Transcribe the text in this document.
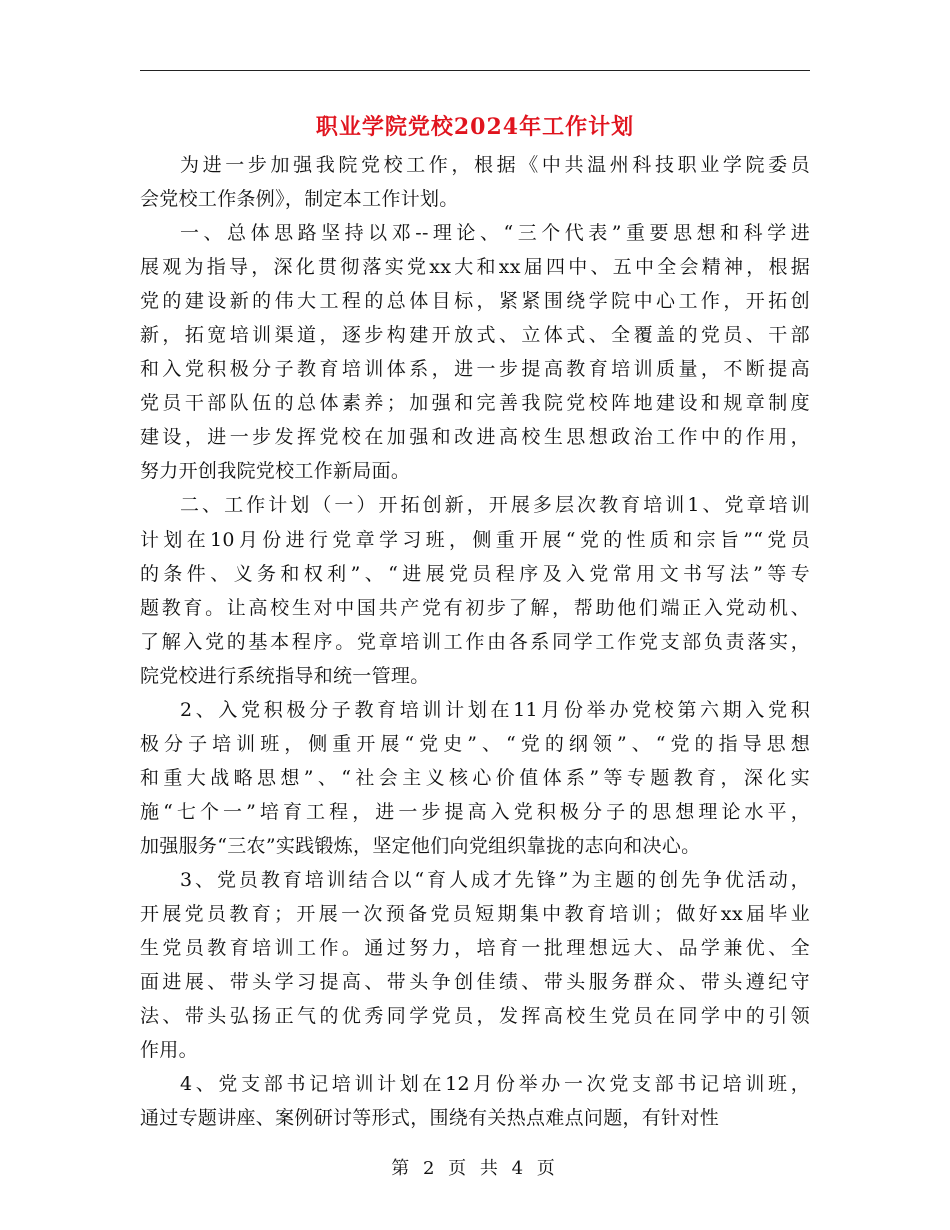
职业学院党校2024年工作计划
为进一步加强我院党校工作，根据《中共温州科技职业学院委员
会党校工作条例》，制定本工作计划。
一、总体思路坚持以邓--理论、“三个代表”重要思想和科学进
展观为指导，深化贯彻落实党xx大和xx届四中、五中全会精神，根据
党的建设新的伟大工程的总体目标，紧紧围绕学院中心工作，开拓创
新，拓宽培训渠道，逐步构建开放式、立体式、全覆盖的党员、干部
和入党积极分子教育培训体系，进一步提高教育培训质量，不断提高
党员干部队伍的总体素养；加强和完善我院党校阵地建设和规章制度
建设，进一步发挥党校在加强和改进高校生思想政治工作中的作用，
努力开创我院党校工作新局面。
二、工作计划（一）开拓创新，开展多层次教育培训1、党章培训
计划在10月份进行党章学习班，侧重开展“党的性质和宗旨”“党员
的条件、义务和权利”、“进展党员程序及入党常用文书写法”等专
题教育。让高校生对中国共产党有初步了解，帮助他们端正入党动机、
了解入党的基本程序。党章培训工作由各系同学工作党支部负责落实，
院党校进行系统指导和统一管理。
2、入党积极分子教育培训计划在11月份举办党校第六期入党积
极分子培训班，侧重开展“党史”、“党的纲领”、“党的指导思想
和重大战略思想”、“社会主义核心价值体系”等专题教育，深化实
施“七个一”培育工程，进一步提高入党积极分子的思想理论水平，
加强服务“三农”实践锻炼，坚定他们向党组织靠拢的志向和决心。
3、党员教育培训结合以“育人成才先锋”为主题的创先争优活动，
开展党员教育；开展一次预备党员短期集中教育培训；做好xx届毕业
生党员教育培训工作。通过努力，培育一批理想远大、品学兼优、全
面进展、带头学习提高、带头争创佳绩、带头服务群众、带头遵纪守
法、带头弘扬正气的优秀同学党员，发挥高校生党员在同学中的引领
作用。
4、党支部书记培训计划在12月份举办一次党支部书记培训班，
通过专题讲座、案例研讨等形式，围绕有关热点难点问题，有针对性

第 2 页 共 4 页
